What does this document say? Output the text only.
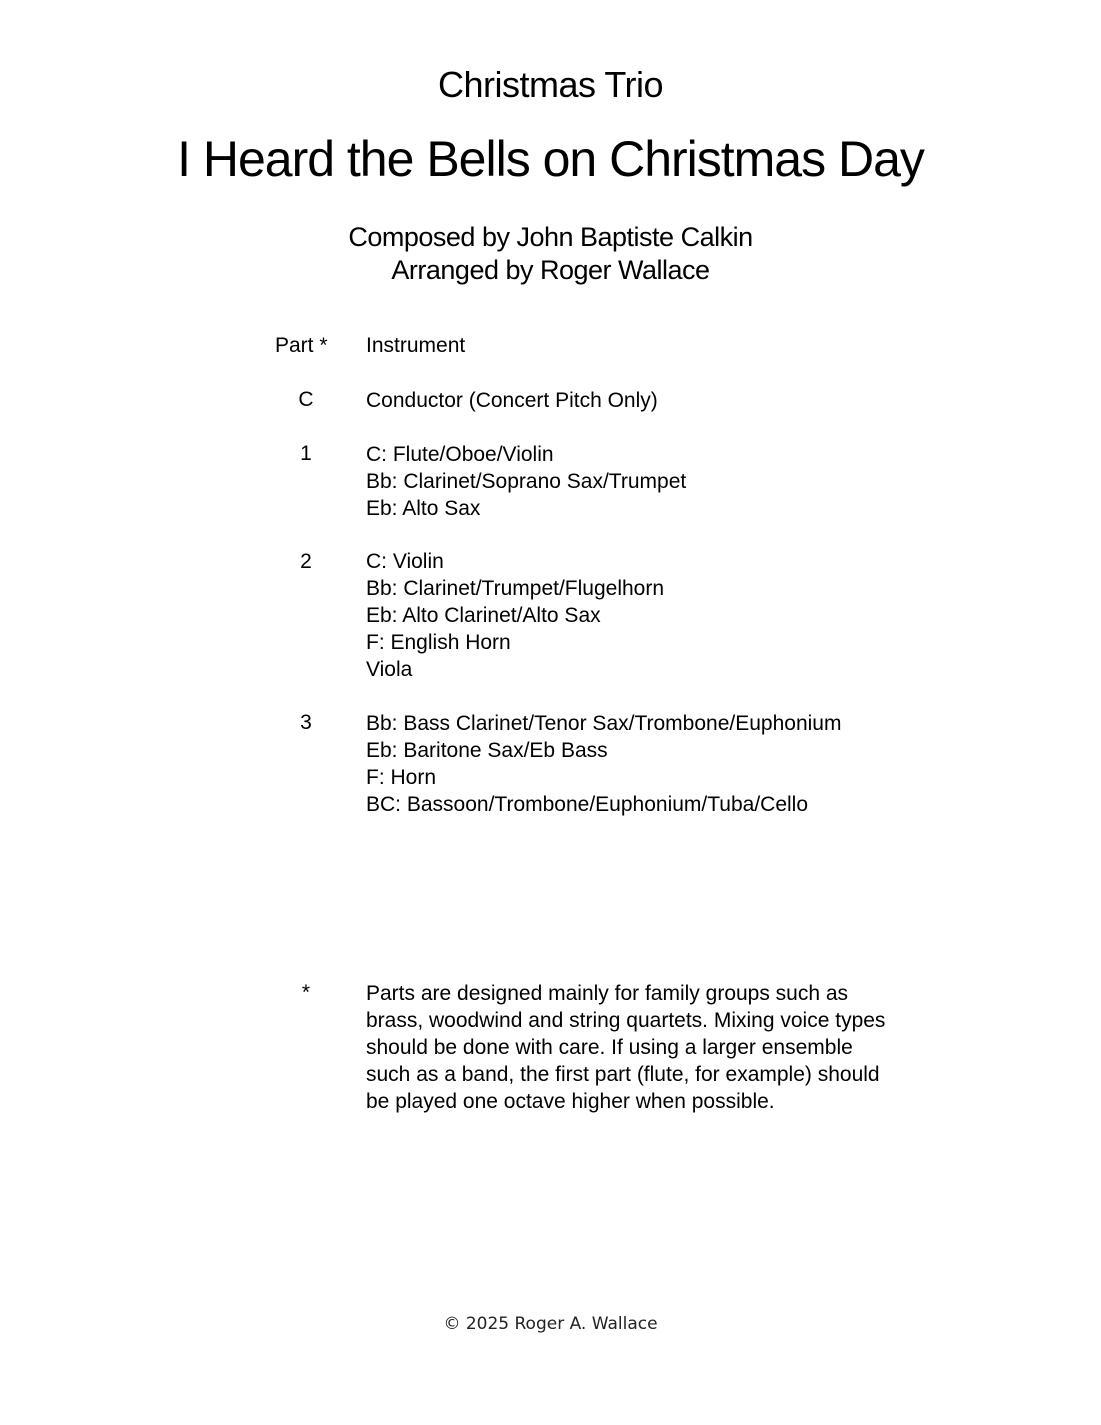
Christmas Trio
I Heard the Bells on Christmas Day
Composed by John Baptiste Calkin
Arranged by Roger Wallace
Part * Instrument
C	Conductor (Concert Pitch Only)
1	C: Flute/Oboe/Violin
Bb: Clarinet/Soprano Sax/Trumpet
Eb: Alto Sax
2	C: Violin
Bb: Clarinet/Trumpet/Flugelhorn
Eb: Alto Clarinet/Alto Sax
F: English Horn
Viola
3	Bb: Bass Clarinet/Tenor Sax/Trombone/Euphonium
Eb: Baritone Sax/Eb Bass
F: Horn
BC: Bassoon/Trombone/Euphonium/Tuba/Cello
*	Parts are designed mainly for family groups such as brass, woodwind and string quartets. Mixing voice types should be done with care. If using a larger ensemble such as a band, the first part (flute, for example) should be played one octave higher when possible.
© 2025 Roger A. Wallace
